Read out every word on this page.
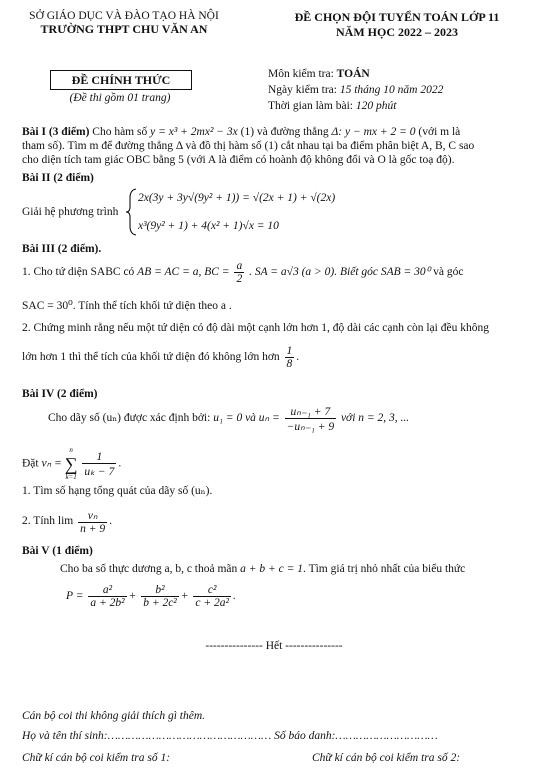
SỞ GIÁO DỤC VÀ ĐÀO TẠO HÀ NỘI
TRƯỜNG THPT CHU VĂN AN
ĐỀ CHỌN ĐỘI TUYỂN TOÁN LỚP 11
NĂM HỌC 2022 – 2023
ĐỀ CHÍNH THỨC
(Đề thi gồm 01 trang)
Môn kiểm tra: TOÁN
Ngày kiểm tra: 15 tháng 10 năm 2022
Thời gian làm bài: 120 phút
Bài I (3 điểm) Cho hàm số y = x³ + 2mx² − 3x (1) và đường thẳng Δ: y − mx + 2 = 0 (với m là
tham số). Tìm m để đường thẳng Δ và đồ thị hàm số (1) cắt nhau tại ba điểm phân biệt A, B, C sao
cho diện tích tam giác OBC bằng 5 (với A là điểm có hoành độ không đổi và O là gốc toạ độ).
Bài II (2 điểm)
Giải hệ phương trình
2x(3y + 3y√(9y² + 1)) = √(2x + 1) + √(2x)
x³(9y² + 1) + 4(x² + 1)√x = 10
Bài III (2 điểm).
1. Cho tứ diện SABC có AB = AC = a, BC = $\frac{a}{2}$ . SA = a√3 (a > 0). Biết góc SAB = 30⁰ và góc
SAC = 30⁰. Tính thể tích khối tứ diện theo a .
2. Chứng minh rằng nếu một tứ diện có độ dài một cạnh lớn hơn 1, độ dài các cạnh còn lại đều không
lớn hơn 1 thì thể tích của khối tứ diện đó không lớn hơn $\frac{1}{8}$ .
Bài IV (2 điểm)
Cho dãy số (uₙ) được xác định bởi: u₁ = 0 và $u_n = \frac{\text{uₙ₋₁ + 7}}{\text{−uₙ₋₁ + 9}}$ với n = 2, 3, ...
Đặt vₙ =
n
∑
k=1
$\frac{1}{\text{uₖ − 7}}$ .
1. Tìm số hạng tổng quát của dãy số (uₙ).
2. Tính $\lim \frac{\text{vₙ}}{n + 9}$ .
Bài V (1 điểm)
Cho ba số thực dương a, b, c thoả mãn a + b + c = 1. Tìm giá trị nhỏ nhất của biểu thức
$P = \frac{\text{a²}}{\text{a + 2b²}} + \frac{\text{b²}}{\text{b + 2c²}} + \frac{\text{c²}}{\text{c + 2a²}}$ .
--------------- Hết ---------------
Cán bộ coi thi không giải thích gì thêm.
Họ và tên thí sinh:………………………………………… Số báo danh:…………………………
Chữ kí cán bộ coi kiểm tra số 1:	Chữ kí cán bộ coi kiểm tra số 2:
